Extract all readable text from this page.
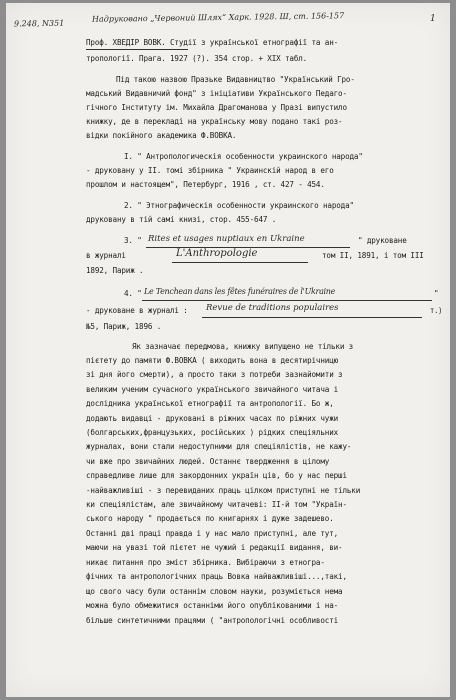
9.248, N351	Надруковано „Червоний Шлях“ Харк. 1928. Ш, ст. 156-157	1
Проф. ХВЕДІР ВОВК. Студії з української етнографії та ан-
тропології. Прага. 1927 (?). 354 стор. + XIX табл.
Під такою назвою Празьке Видавництво "Український Гро-
мадський Видавничий фонд" з ініціативи Українського Педаго-
гічного Інституту ім. Михайла Драгоманова у Празі випустило
книжку, де в перекладі на українську мову подано такі роз-
відки покійного академика Ф.ВОВКА.
І. " Антропологическія особенности украинского народа"
- друковану у ІІ. томі збірника " Украинскій народ в его
прошлом и настоящем", Петербург, 1916 , ст. 427 - 454.
2. " Этнографическія особенности украинского народа"
друковану в тій самі книзі, стор. 455-647 .
3. " Rites et usages nuptiaux en Ukraine	" друковане
в журналі	L'Anthropologie	том ІІ, 1891, і том ІІІ
1892, Париж .
4. " Le Tenchean dans les fêtes funéraires de l'Ukraine	"
- друковане в журналі : Revue de traditions populaires	т.)
№5, Париж, 1896 .
Як зазначає передмова, книжку випущено не тільки з
пієтету до памяти Ф.ВОВКА ( виходить вона в десятирічницю
зі дня його смерти), а просто таки з потреби зазнайомити з
великим ученим сучасного українського звичайного читача і
дослідника української етнографії та антропології. Бо ж,
додають видавці - друковані в ріжних часах по ріжних чужи
(болгарських,французьких, російських ) рідких спеціяльних
журналах, вони стали недоступними для спеціялістів, не кажу-
чи вже про звичайних людей. Останнє твердження в цілому
справедливе лише для закордонних україн ців, бо у нас перші
-найважливіші - з перевиданих праць цілком приступні не тільки
ки спеціялістам, але звичайному читачеві: ІІ-й том "Україн-
ського народу " продається по книгарнях і дуже задешево.
Останні дві праці правда і у нас мало приступні, але тут,
маючи на увазі той пієтет не чужий і редакції видання, ви-
никає питання про зміст збірника. Вибіраючи з етногра-
фічних та антропологічних праць Вовка найважливіші...,такі,
що свого часу були останнім словом науки, розуміється нема
можна було обмежитися останніми його опублікованими і на-
більше синтетичними працями ( "антропологічні особливості
